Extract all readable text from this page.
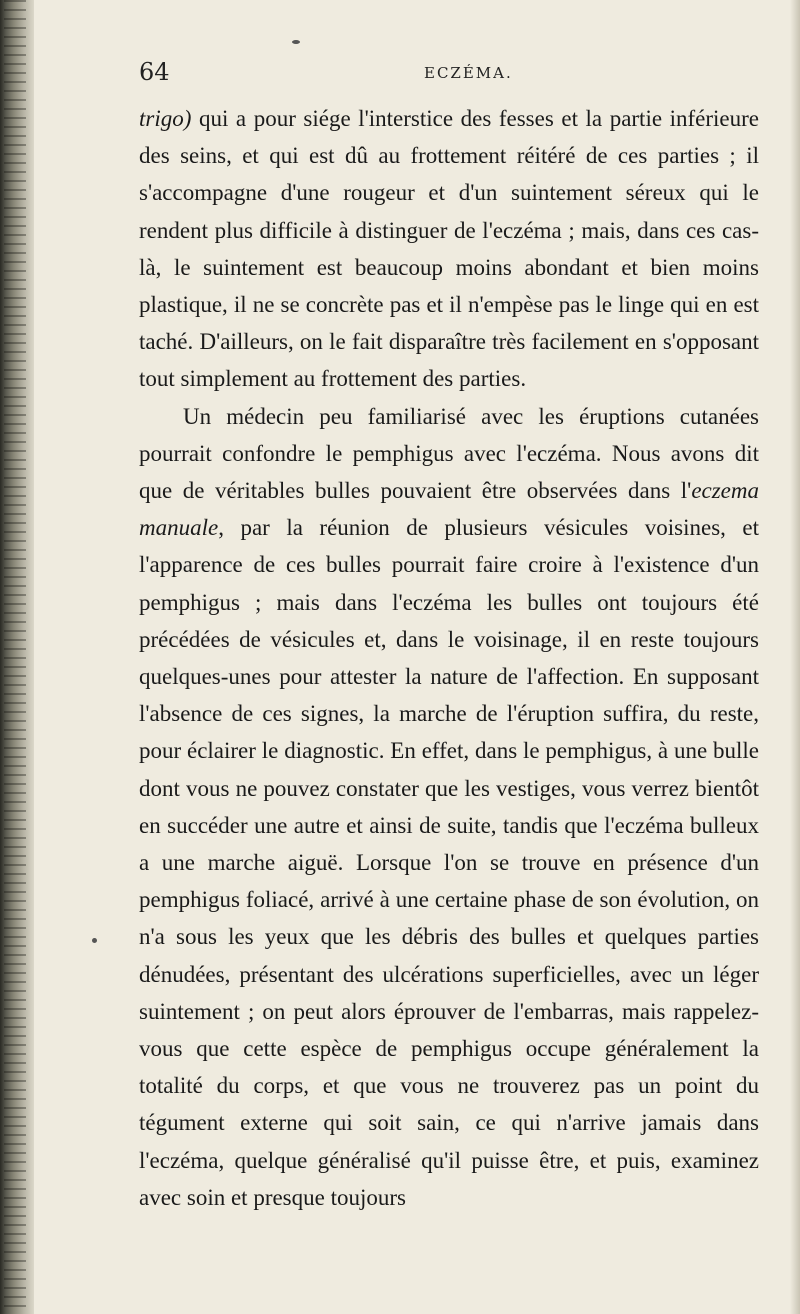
64	ECZÉMA.

trigo) qui a pour siége l'interstice des fesses et la partie inférieure des seins, et qui est dû au frottement réitéré de ces parties ; il s'accompagne d'une rougeur et d'un suintement séreux qui le rendent plus difficile à distinguer de l'eczéma ; mais, dans ces cas-là, le suintement est beaucoup moins abondant et bien moins plastique, il ne se concrète pas et il n'empèse pas le linge qui en est taché. D'ailleurs, on le fait disparaître très facilement en s'opposant tout simplement au frottement des parties.

Un médecin peu familiarisé avec les éruptions cutanées pourrait confondre le pemphigus avec l'eczéma. Nous avons dit que de véritables bulles pouvaient être observées dans l'eczema manuale, par la réunion de plusieurs vésicules voisines, et l'apparence de ces bulles pourrait faire croire à l'existence d'un pemphigus ; mais dans l'eczéma les bulles ont toujours été précédées de vésicules et, dans le voisinage, il en reste toujours quelques-unes pour attester la nature de l'affection. En supposant l'absence de ces signes, la marche de l'éruption suffira, du reste, pour éclairer le diagnostic. En effet, dans le pemphigus, à une bulle dont vous ne pouvez constater que les vestiges, vous verrez bientôt en succéder une autre et ainsi de suite, tandis que l'eczéma bulleux a une marche aiguë. Lorsque l'on se trouve en présence d'un pemphigus foliacé, arrivé à une certaine phase de son évolution, on n'a sous les yeux que les débris des bulles et quelques parties dénudées, présentant des ulcérations superficielles, avec un léger suintement ; on peut alors éprouver de l'embarras, mais rappelez-vous que cette espèce de pemphigus occupe généralement la totalité du corps, et que vous ne trouverez pas un point du tégument externe qui soit sain, ce qui n'arrive jamais dans l'eczéma, quelque généralisé qu'il puisse être, et puis, examinez avec soin et presque toujours
